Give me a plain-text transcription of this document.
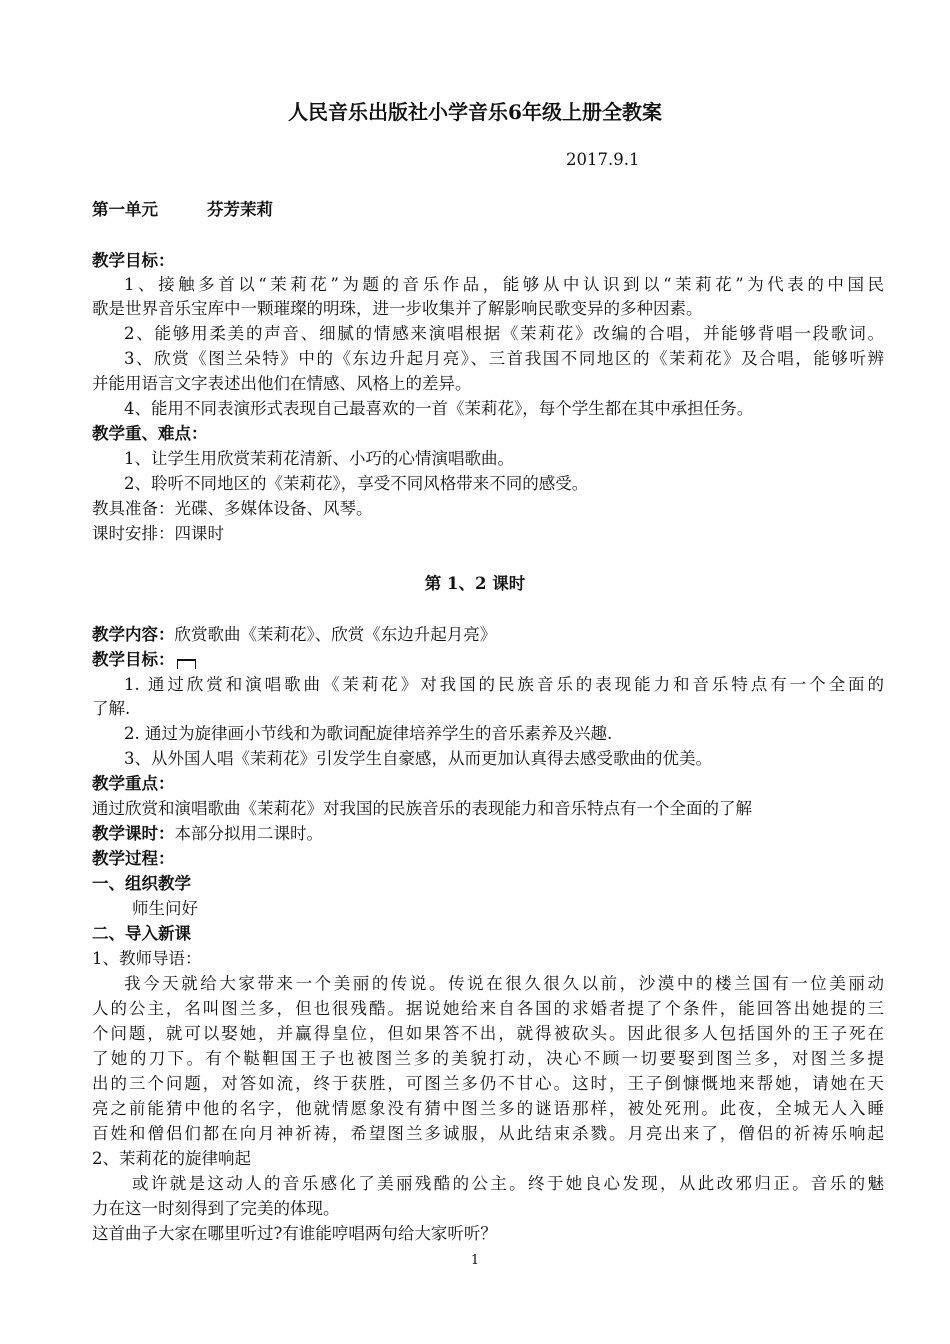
人民音乐出版社小学音乐6年级上册全教案
2017.9.1
第一单元	芬芳茉莉
教学目标：
1、接触多首以“茉莉花”为题的音乐作品，能够从中认识到以“茉莉花”为代表的中国民
歌是世界音乐宝库中一颗璀璨的明珠，进一步收集并了解影响民歌变异的多种因素。
2、能够用柔美的声音、细腻的情感来演唱根据《茉莉花》改编的合唱，并能够背唱一段歌词。
3、欣赏《图兰朵特》中的《东边升起月亮》、三首我国不同地区的《茉莉花》及合唱，能够听辨
并能用语言文字表述出他们在情感、风格上的差异。
4、能用不同表演形式表现自己最喜欢的一首《茉莉花》，每个学生都在其中承担任务。
教学重、难点：
1、让学生用欣赏茉莉花清新、小巧的心情演唱歌曲。
2、聆听不同地区的《茉莉花》，享受不同风格带来不同的感受。
教具准备：光碟、多媒体设备、风琴。
课时安排：四课时
第 1、2 课时
教学内容：欣赏歌曲《茉莉花》、欣赏《东边升起月亮》
教学目标：
1. 通过欣赏和演唱歌曲《茉莉花》对我国的民族音乐的表现能力和音乐特点有一个全面的
了解.
2. 通过为旋律画小节线和为歌词配旋律培养学生的音乐素养及兴趣.
3、从外国人唱《茉莉花》引发学生自豪感，从而更加认真得去感受歌曲的优美。
教学重点：
通过欣赏和演唱歌曲《茉莉花》对我国的民族音乐的表现能力和音乐特点有一个全面的了解
教学课时：本部分拟用二课时。
教学过程：
一、组织教学
师生问好
二、导入新课
1、教师导语：
我今天就给大家带来一个美丽的传说。传说在很久很久以前，沙漠中的楼兰国有一位美丽动
人的公主，名叫图兰多，但也很残酷。据说她给来自各国的求婚者提了个条件，能回答出她提的三
个问题，就可以娶她，并赢得皇位，但如果答不出，就得被砍头。因此很多人包括国外的王子死在
了她的刀下。有个鞑靼国王子也被图兰多的美貌打动，决心不顾一切要娶到图兰多，对图兰多提
出的三个问题，对答如流，终于获胜，可图兰多仍不甘心。这时，王子倒慷慨地来帮她，请她在天
亮之前能猜中他的名字，他就情愿象没有猜中图兰多的谜语那样，被处死刑。此夜，全城无人入睡
百姓和僧侣们都在向月神祈祷，希望图兰多诚服，从此结束杀戮。月亮出来了，僧侣的祈祷乐响起
2、茉莉花的旋律响起
或许就是这动人的音乐感化了美丽残酷的公主。终于她良心发现，从此改邪归正。音乐的魅
力在这一时刻得到了完美的体现。
这首曲子大家在哪里听过?有谁能哼唱两句给大家听听？
1
